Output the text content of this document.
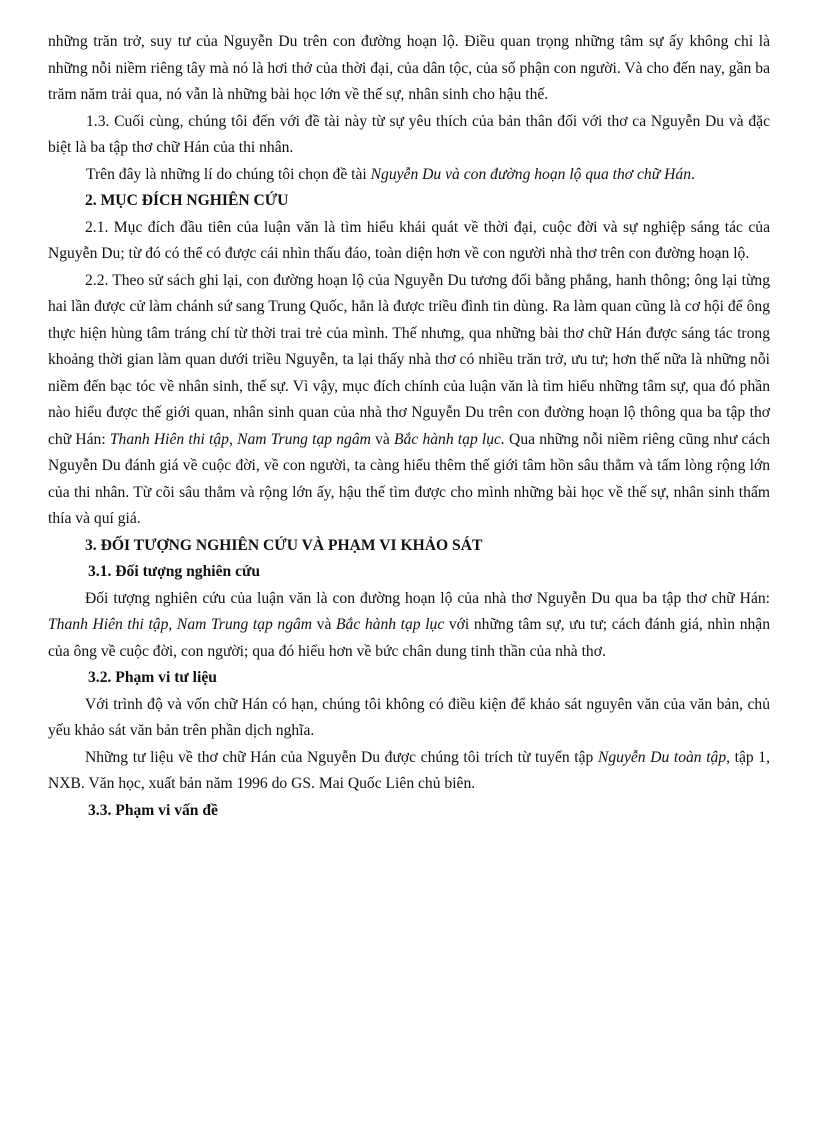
những trăn trở, suy tư của Nguyễn Du trên con đường hoạn lộ. Điều quan trọng những tâm sự ấy không chỉ là những nỗi niềm riêng tây mà nó là hơi thở của thời đại, của dân tộc, của số phận con người. Và cho đến nay, gần ba trăm năm trải qua, nó vẫn là những bài học lớn về thế sự, nhân sinh cho hậu thế.

1.3. Cuối cùng, chúng tôi đến với đề tài này từ sự yêu thích của bản thân đối với thơ ca Nguyễn Du và đặc biệt là ba tập thơ chữ Hán của thi nhân.

Trên đây là những lí do chúng tôi chọn đề tài Nguyễn Du và con đường hoạn lộ qua thơ chữ Hán.

2. MỤC ĐÍCH NGHIÊN CỨU

2.1. Mục đích đầu tiên của luận văn là tìm hiểu khái quát về thời đại, cuộc đời và sự nghiệp sáng tác của Nguyễn Du; từ đó có thể có được cái nhìn thấu đáo, toàn diện hơn về con người nhà thơ trên con đường hoạn lộ.

2.2. Theo sử sách ghi lại, con đường hoạn lộ của Nguyễn Du tương đối bằng phẳng, hanh thông; ông lại từng hai lần được cử làm chánh sứ sang Trung Quốc, hẳn là được triều đình tin dùng. Ra làm quan cũng là cơ hội để ông thực hiện hùng tâm tráng chí từ thời trai trẻ của mình. Thế nhưng, qua những bài thơ chữ Hán được sáng tác trong khoảng thời gian làm quan dưới triều Nguyễn, ta lại thấy nhà thơ có nhiều trăn trở, ưu tư; hơn thế nữa là những nỗi niềm đến bạc tóc về nhân sinh, thế sự. Vì vậy, mục đích chính của luận văn là tìm hiểu những tâm sự, qua đó phần nào hiểu được thế giới quan, nhân sinh quan của nhà thơ Nguyễn Du trên con đường hoạn lộ thông qua ba tập thơ chữ Hán: Thanh Hiên thi tập, Nam Trung tạp ngâm và Bắc hành tạp lục. Qua những nỗi niềm riêng cũng như cách Nguyễn Du đánh giá về cuộc đời, về con người, ta càng hiểu thêm thế giới tâm hồn sâu thẳm và tấm lòng rộng lớn của thi nhân. Từ cõi sâu thẳm và rộng lớn ấy, hậu thế tìm được cho mình những bài học về thế sự, nhân sinh thấm thía và quí giá.

3. ĐỐI TƯỢNG NGHIÊN CỨU VÀ PHẠM VI KHẢO SÁT
3.1. Đối tượng nghiên cứu

Đối tượng nghiên cứu của luận văn là con đường hoạn lộ của nhà thơ Nguyễn Du qua ba tập thơ chữ Hán: Thanh Hiên thi tập, Nam Trung tạp ngâm và Bắc hành tạp lục với những tâm sự, ưu tư; cách đánh giá, nhìn nhận của ông về cuộc đời, con người; qua đó hiểu hơn về bức chân dung tinh thần của nhà thơ.

3.2. Phạm vi tư liệu

Với trình độ và vốn chữ Hán có hạn, chúng tôi không có điều kiện để khảo sát nguyên văn của văn bản, chủ yếu khảo sát văn bản trên phần dịch nghĩa.

Những tư liệu về thơ chữ Hán của Nguyễn Du được chúng tôi trích từ tuyển tập Nguyễn Du toàn tập, tập 1, NXB. Văn học, xuất bản năm 1996 do GS. Mai Quốc Liên chủ biên.

3.3. Phạm vi vấn đề
